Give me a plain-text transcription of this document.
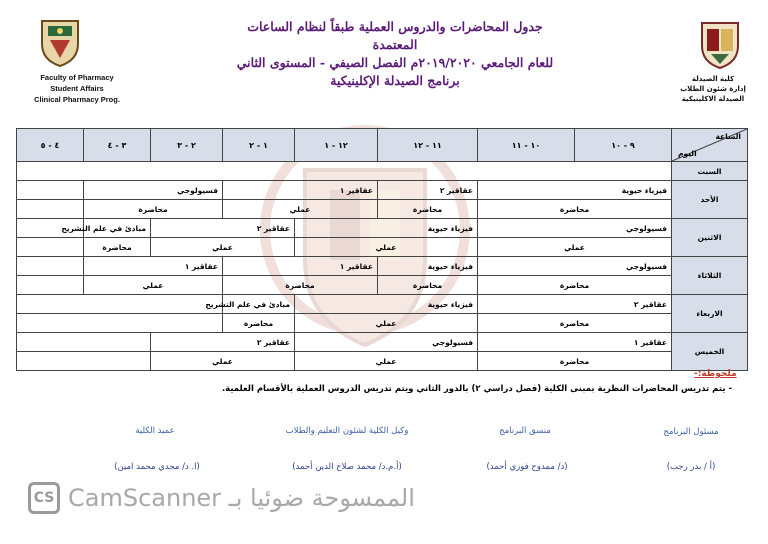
جدول المحاضرات والدروس العملية طبقاً لنظام الساعات المعتمدة
للعام الجامعي ٢٠١٩/٢٠٢٠م الفصل الصيفي - المستوى الثاني
برنامج الصيدلة الإكلينيكية
Faculty of Pharmacy
Student Affairs
Clinical Pharmacy Prog.
كلية الصيدلة
إدارة شئون الطلاب
الصيدلة الاكلينيكية
الساعة
اليوم	٩ - ١٠	١٠ - ١١	١١ - ١٢	١٢ - ١	١ - ٢	٢ - ٣	٣ - ٤	٤ - ٥
السبت								
الأحد	فيزياء حيوية		عقاقير ٢	عقاقير ١		فسيولوجي		
	محاضرة		محاضرة	عملي		محاضرة		
الاثنين	فسيولوجي		فيزياء حيوية		عقاقير ٢		مبادئ في علم التشريح	
	عملي		عملي		عملي		محاضرة	
الثلاثاء	فسيولوجي		فيزياء حيوية	عقاقير ١		عقاقير ١		
	محاضرة		محاضرة	محاضرة		عملي		
الاربعاء	عقاقير ٢		فيزياء حيوية		مبادئ في علم التشريح			
	محاضرة		عملي		محاضرة			
الخميس	عقاقير ١		فسيولوجي		عقاقير ٢			
	محاضرة		عملي		عملي			
ملحوظة:-
- يتم تدريس المحاضرات النظرية بمبنى الكلية (فصل دراسي ٢) بالدور الثاني ويتم تدريس الدروس العملية بالأقسام العلمية.
مسئول البرنامج
منسق البرنامج
وكيل الكلية لشئون التعليم والطلاب
عميد الكلية
(أ / بدر رجب)
(د/ ممدوح فوزي أحمد)
(أ.م.د/ محمد صلاح الدين أحمد)
(ا. د/ مجدي محمد امين)
CS الممسوحة ضوئيا بـ CamScanner
